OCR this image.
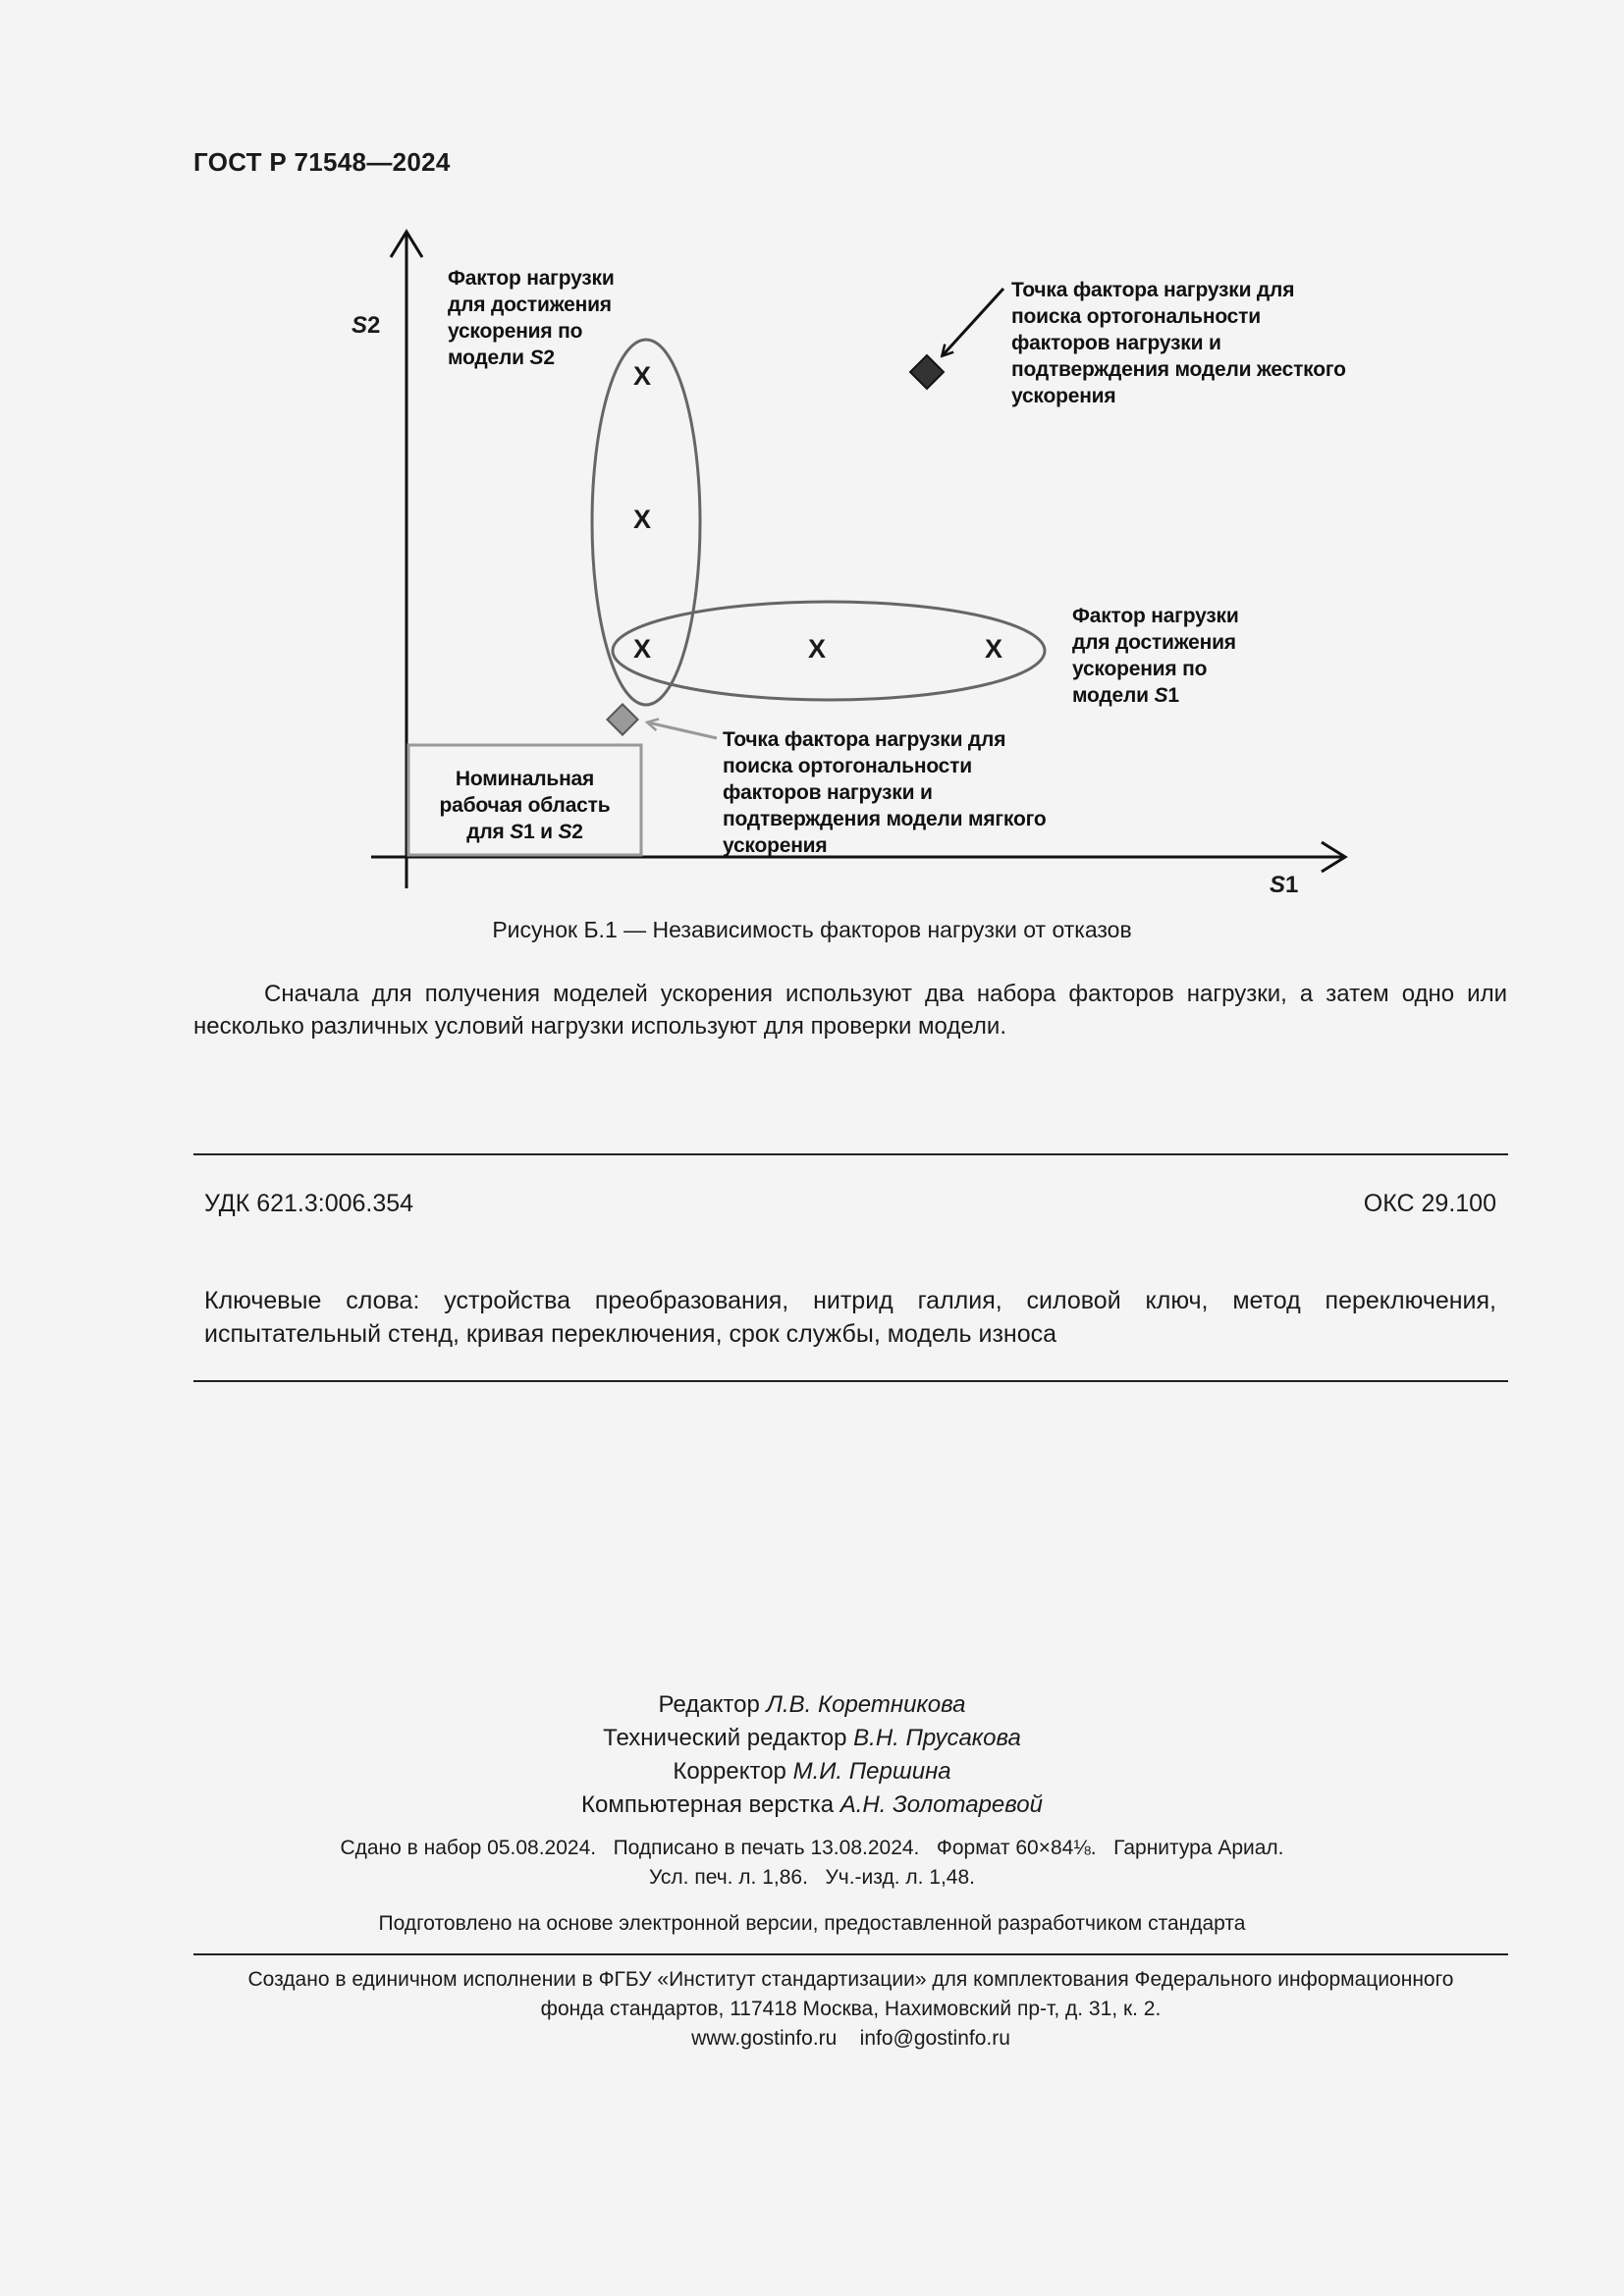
ГОСТ Р 71548—2024
S2
S1
Фактор нагрузки
для достижения
ускорения по
модели S2
Точка фактора нагрузки для
поиска ортогональности
факторов нагрузки и
подтверждения модели жесткого
ускорения
Фактор нагрузки
для достижения
ускорения по
модели S1
Точка фактора нагрузки для
поиска ортогональности
факторов нагрузки и
подтверждения модели мягкого
ускорения
Номинальная
рабочая область
для S1 и S2
X
X
X	X	X
Рисунок Б.1 — Независимость факторов нагрузки от отказов
Сначала для получения моделей ускорения используют два набора факторов нагрузки, а затем одно или несколько различных условий нагрузки используют для проверки модели.
УДК 621.3:006.354	ОКС 29.100
Ключевые слова: устройства преобразования, нитрид галлия, силовой ключ, метод переключения, испытательный стенд, кривая переключения, срок службы, модель износа
Редактор Л.В. Коретникова
Технический редактор В.Н. Прусакова
Корректор М.И. Першина
Компьютерная верстка А.Н. Золотаревой
Сдано в набор 05.08.2024.   Подписано в печать 13.08.2024.   Формат 60×84⅛.   Гарнитура Ариал.
Усл. печ. л. 1,86.   Уч.-изд. л. 1,48.
Подготовлено на основе электронной версии, предоставленной разработчиком стандарта
Создано в единичном исполнении в ФГБУ «Институт стандартизации» для комплектования Федерального информационного
фонда стандартов, 117418 Москва, Нахимовский пр-т, д. 31, к. 2.
www.gostinfo.ru    info@gostinfo.ru
